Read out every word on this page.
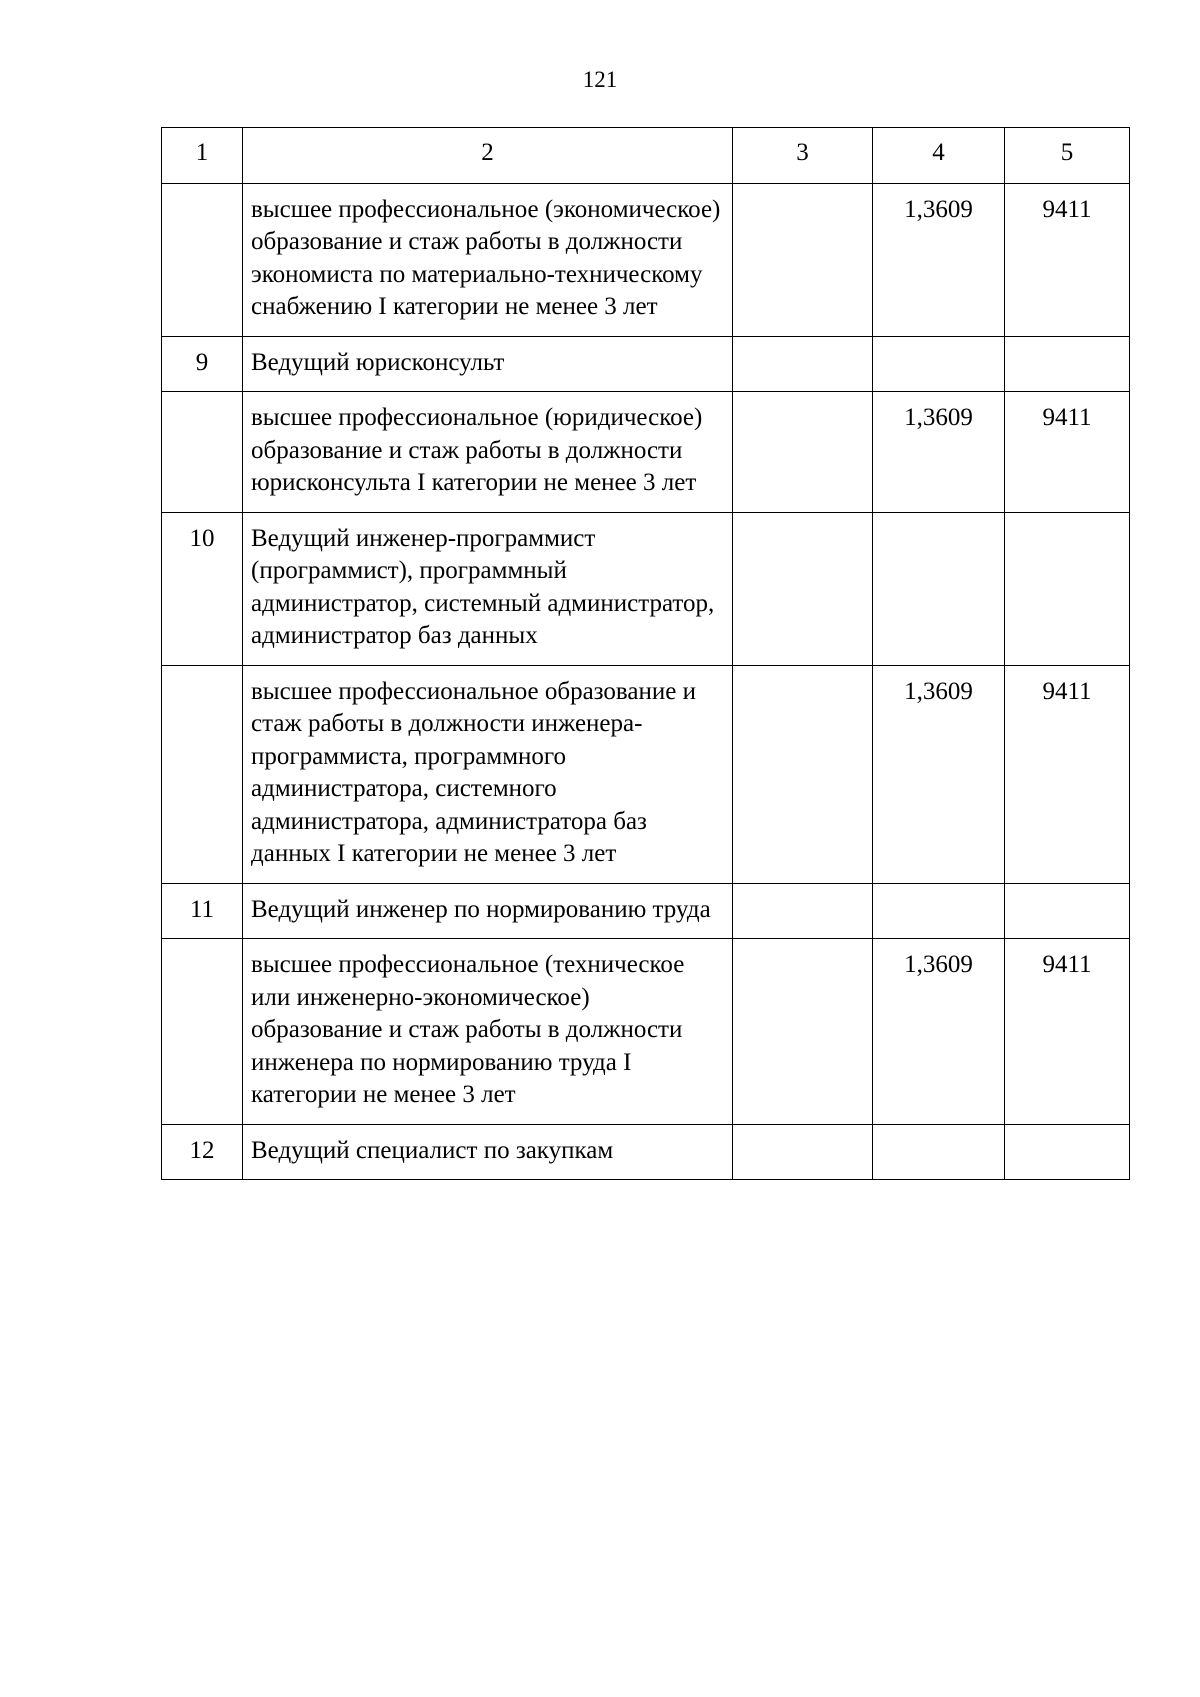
121
1	2	3	4	5
	высшее профессиональное (экономическое) образование и стаж работы в должности экономиста по материально-техническому снабжению I категории не менее 3 лет		1,3609	9411
9	Ведущий юрисконсульт			
	высшее профессиональное (юридическое) образование и стаж работы в должности юрисконсульта I категории не менее 3 лет		1,3609	9411
10	Ведущий инженер-программист (программист), программный администратор, системный администратор, администратор баз данных			
	высшее профессиональное образование и стаж работы в должности инженера-программиста, программного администратора, системного администратора, администратора баз данных I категории не менее 3 лет		1,3609	9411
11	Ведущий инженер по нормированию труда			
	высшее профессиональное (техническое или инженерно-экономическое) образование и стаж работы в должности инженера по нормированию труда I категории не менее 3 лет		1,3609	9411
12	Ведущий специалист по закупкам			
